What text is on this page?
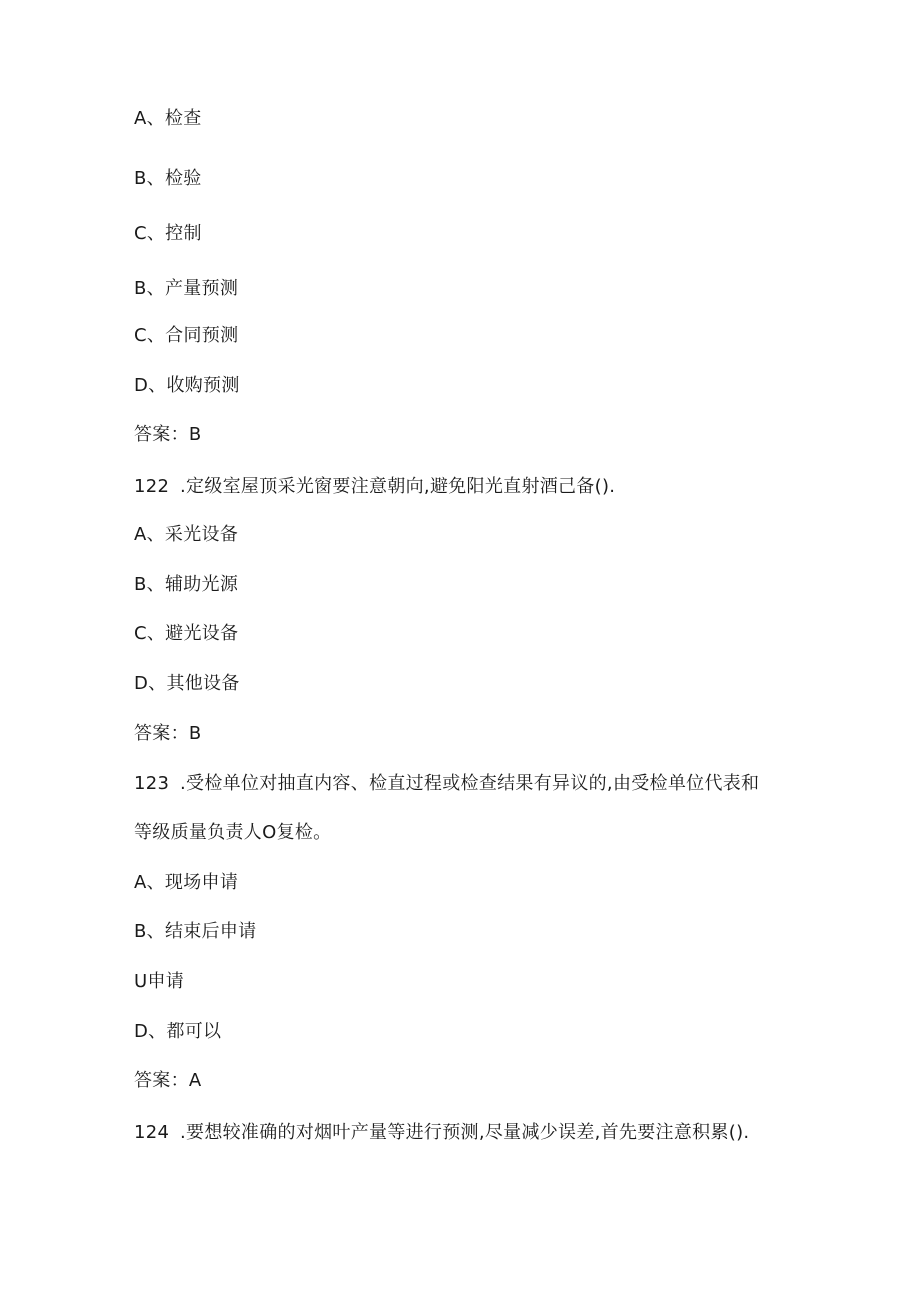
A、检查
B、检验
C、控制
B、产量预测
C、合同预测
D、收购预测
答案：B
122 .定级室屋顶采光窗要注意朝向,避免阳光直射酒己备().
A、采光设备
B、辅助光源
C、避光设备
D、其他设备
答案：B
123 .受检单位对抽直内容、检直过程或检查结果有异议的,由受检单位代表和
等级质量负责人O复检。
A、现场申请
B、结束后申请
U申请
D、都可以
答案：A
124 .要想较准确的对烟叶产量等进行预测,尽量减少误差,首先要注意积累().
